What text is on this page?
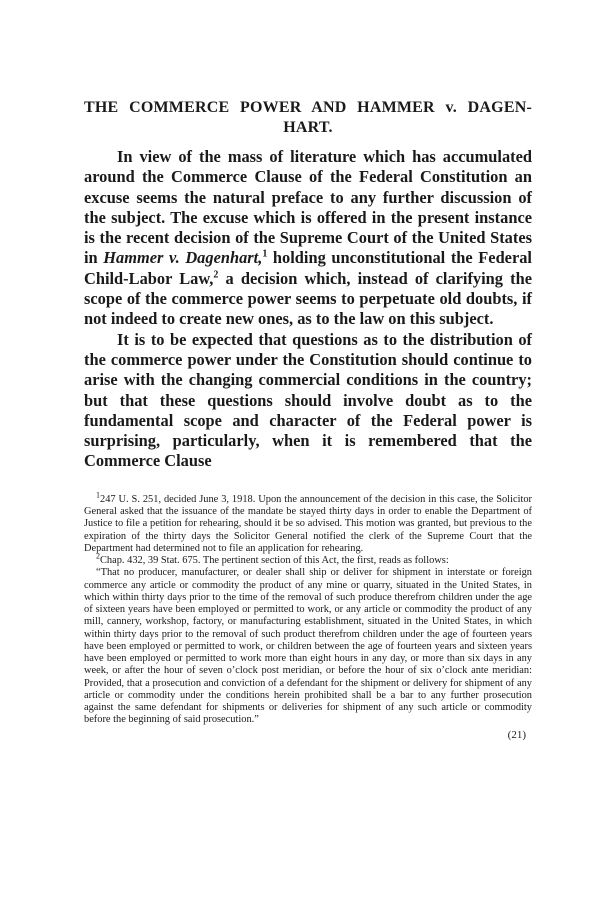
THE COMMERCE POWER AND HAMMER v. DAGEN-
HART.

In view of the mass of literature which has accumulated around the Commerce Clause of the Federal Constitution an excuse seems the natural preface to any further discussion of the subject. The excuse which is offered in the present instance is the recent decision of the Supreme Court of the United States in Hammer v. Dagenhart,$^1$ holding unconstitutional the Federal Child-Labor Law,$^2$ a decision which, instead of clarifying the scope of the commerce power seems to perpetuate old doubts, if not indeed to create new ones, as to the law on this subject.

It is to be expected that questions as to the distribution of the commerce power under the Constitution should continue to arise with the changing commercial conditions in the country; but that these questions should involve doubt as to the fundamental scope and character of the Federal power is surprising, particularly, when it is remembered that the Commerce Clause

$^1$247 U. S. 251, decided June 3, 1918. Upon the announcement of the decision in this case, the Solicitor General asked that the issuance of the mandate be stayed thirty days in order to enable the Department of Justice to file a petition for rehearing, should it be so advised. This motion was granted, but previous to the expiration of the thirty days the Solicitor General notified the clerk of the Supreme Court that the Department had determined not to file an application for rehearing.

$^2$Chap. 432, 39 Stat. 675. The pertinent section of this Act, the first, reads as follows:

“That no producer, manufacturer, or dealer shall ship or deliver for shipment in interstate or foreign commerce any article or commodity the product of any mine or quarry, situated in the United States, in which within thirty days prior to the time of the removal of such produce therefrom children under the age of sixteen years have been employed or permitted to work, or any article or commodity the product of any mill, cannery, workshop, factory, or manufacturing establishment, situated in the United States, in which within thirty days prior to the removal of such product therefrom children under the age of fourteen years have been employed or permitted to work, or children between the age of fourteen years and sixteen years have been employed or permitted to work more than eight hours in any day, or more than six days in any week, or after the hour of seven o’clock post meridian, or before the hour of six o’clock ante meridian: Provided, that a prosecution and conviction of a defendant for the shipment or delivery for shipment of any article or commodity under the conditions herein prohibited shall be a bar to any further prosecution against the same defendant for shipments or deliveries for shipment of any such article or commodity before the beginning of said prosecution.”

(21)
